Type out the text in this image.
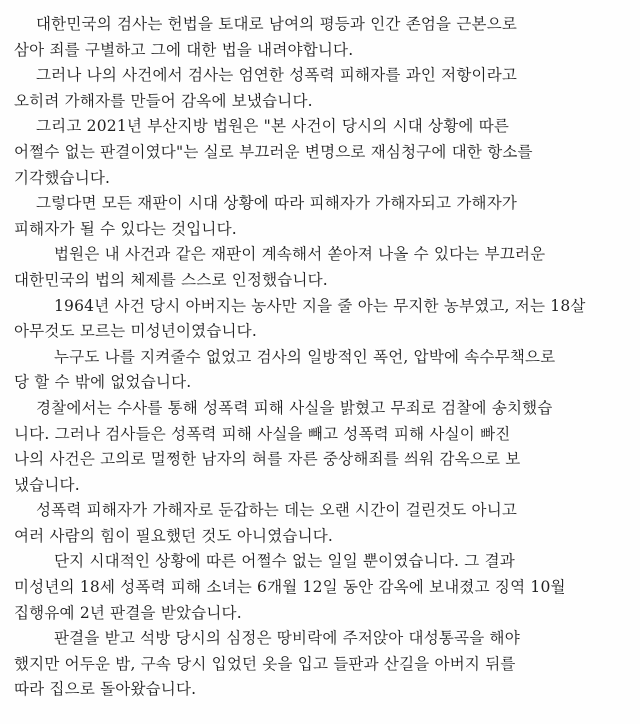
대한민국의 검사는 헌법을 토대로 남여의 평등과 인간 존엄을 근본으로
삼아 죄를 구별하고 그에 대한 법을 내려야합니다.
그러나 나의 사건에서 검사는 엄연한 성폭력 피해자를 과인 저항이라고
오히려 가해자를 만들어 감옥에 보냈습니다.
그리고 2021년 부산지방 법원은 "본 사건이 당시의 시대 상황에 따른
어쩔수 없는 판결이였다"는 실로 부끄러운 변명으로 재심청구에 대한 항소를
기각했습니다.
그렇다면 모든 재판이 시대 상황에 따라 피해자가 가해자되고 가해자가
피해자가 될 수 있다는 것입니다.
법원은 내 사건과 같은 재판이 계속해서 쏟아져 나올 수 있다는 부끄러운
대한민국의 법의 체제를 스스로 인정했습니다.
1964년 사건 당시 아버지는 농사만 지을 줄 아는 무지한 농부였고, 저는 18살
아무것도 모르는 미성년이였습니다.
누구도 나를 지켜줄수 없었고 검사의 일방적인 폭언, 압박에 속수무책으로
당 할 수 밖에 없었습니다.
경찰에서는 수사를 통해 성폭력 피해 사실을 밝혔고 무죄로 검찰에 송치했습
니다. 그러나 검사들은 성폭력 피해 사실을 빼고 성폭력 피해 사실이 빠진
나의 사건은 고의로 멀쩡한 남자의 혀를 자른 중상해죄를 씌워 감옥으로 보
냈습니다.
성폭력 피해자가 가해자로 둔갑하는 데는 오랜 시간이 걸린것도 아니고
여러 사람의 힘이 필요했던 것도 아니였습니다.
단지 시대적인 상황에 따른 어쩔수 없는 일일 뿐이였습니다. 그 결과
미성년의 18세 성폭력 피해 소녀는 6개월 12일 동안 감옥에 보내졌고 징역 10월
집행유예 2년 판결을 받았습니다.
판결을 받고 석방 당시의 심정은 땅비락에 주저앉아 대성통곡을 해야
했지만 어두운 밤, 구속 당시 입었던 옷을 입고 들판과 산길을 아버지 뒤를
따라 집으로 돌아왔습니다.
